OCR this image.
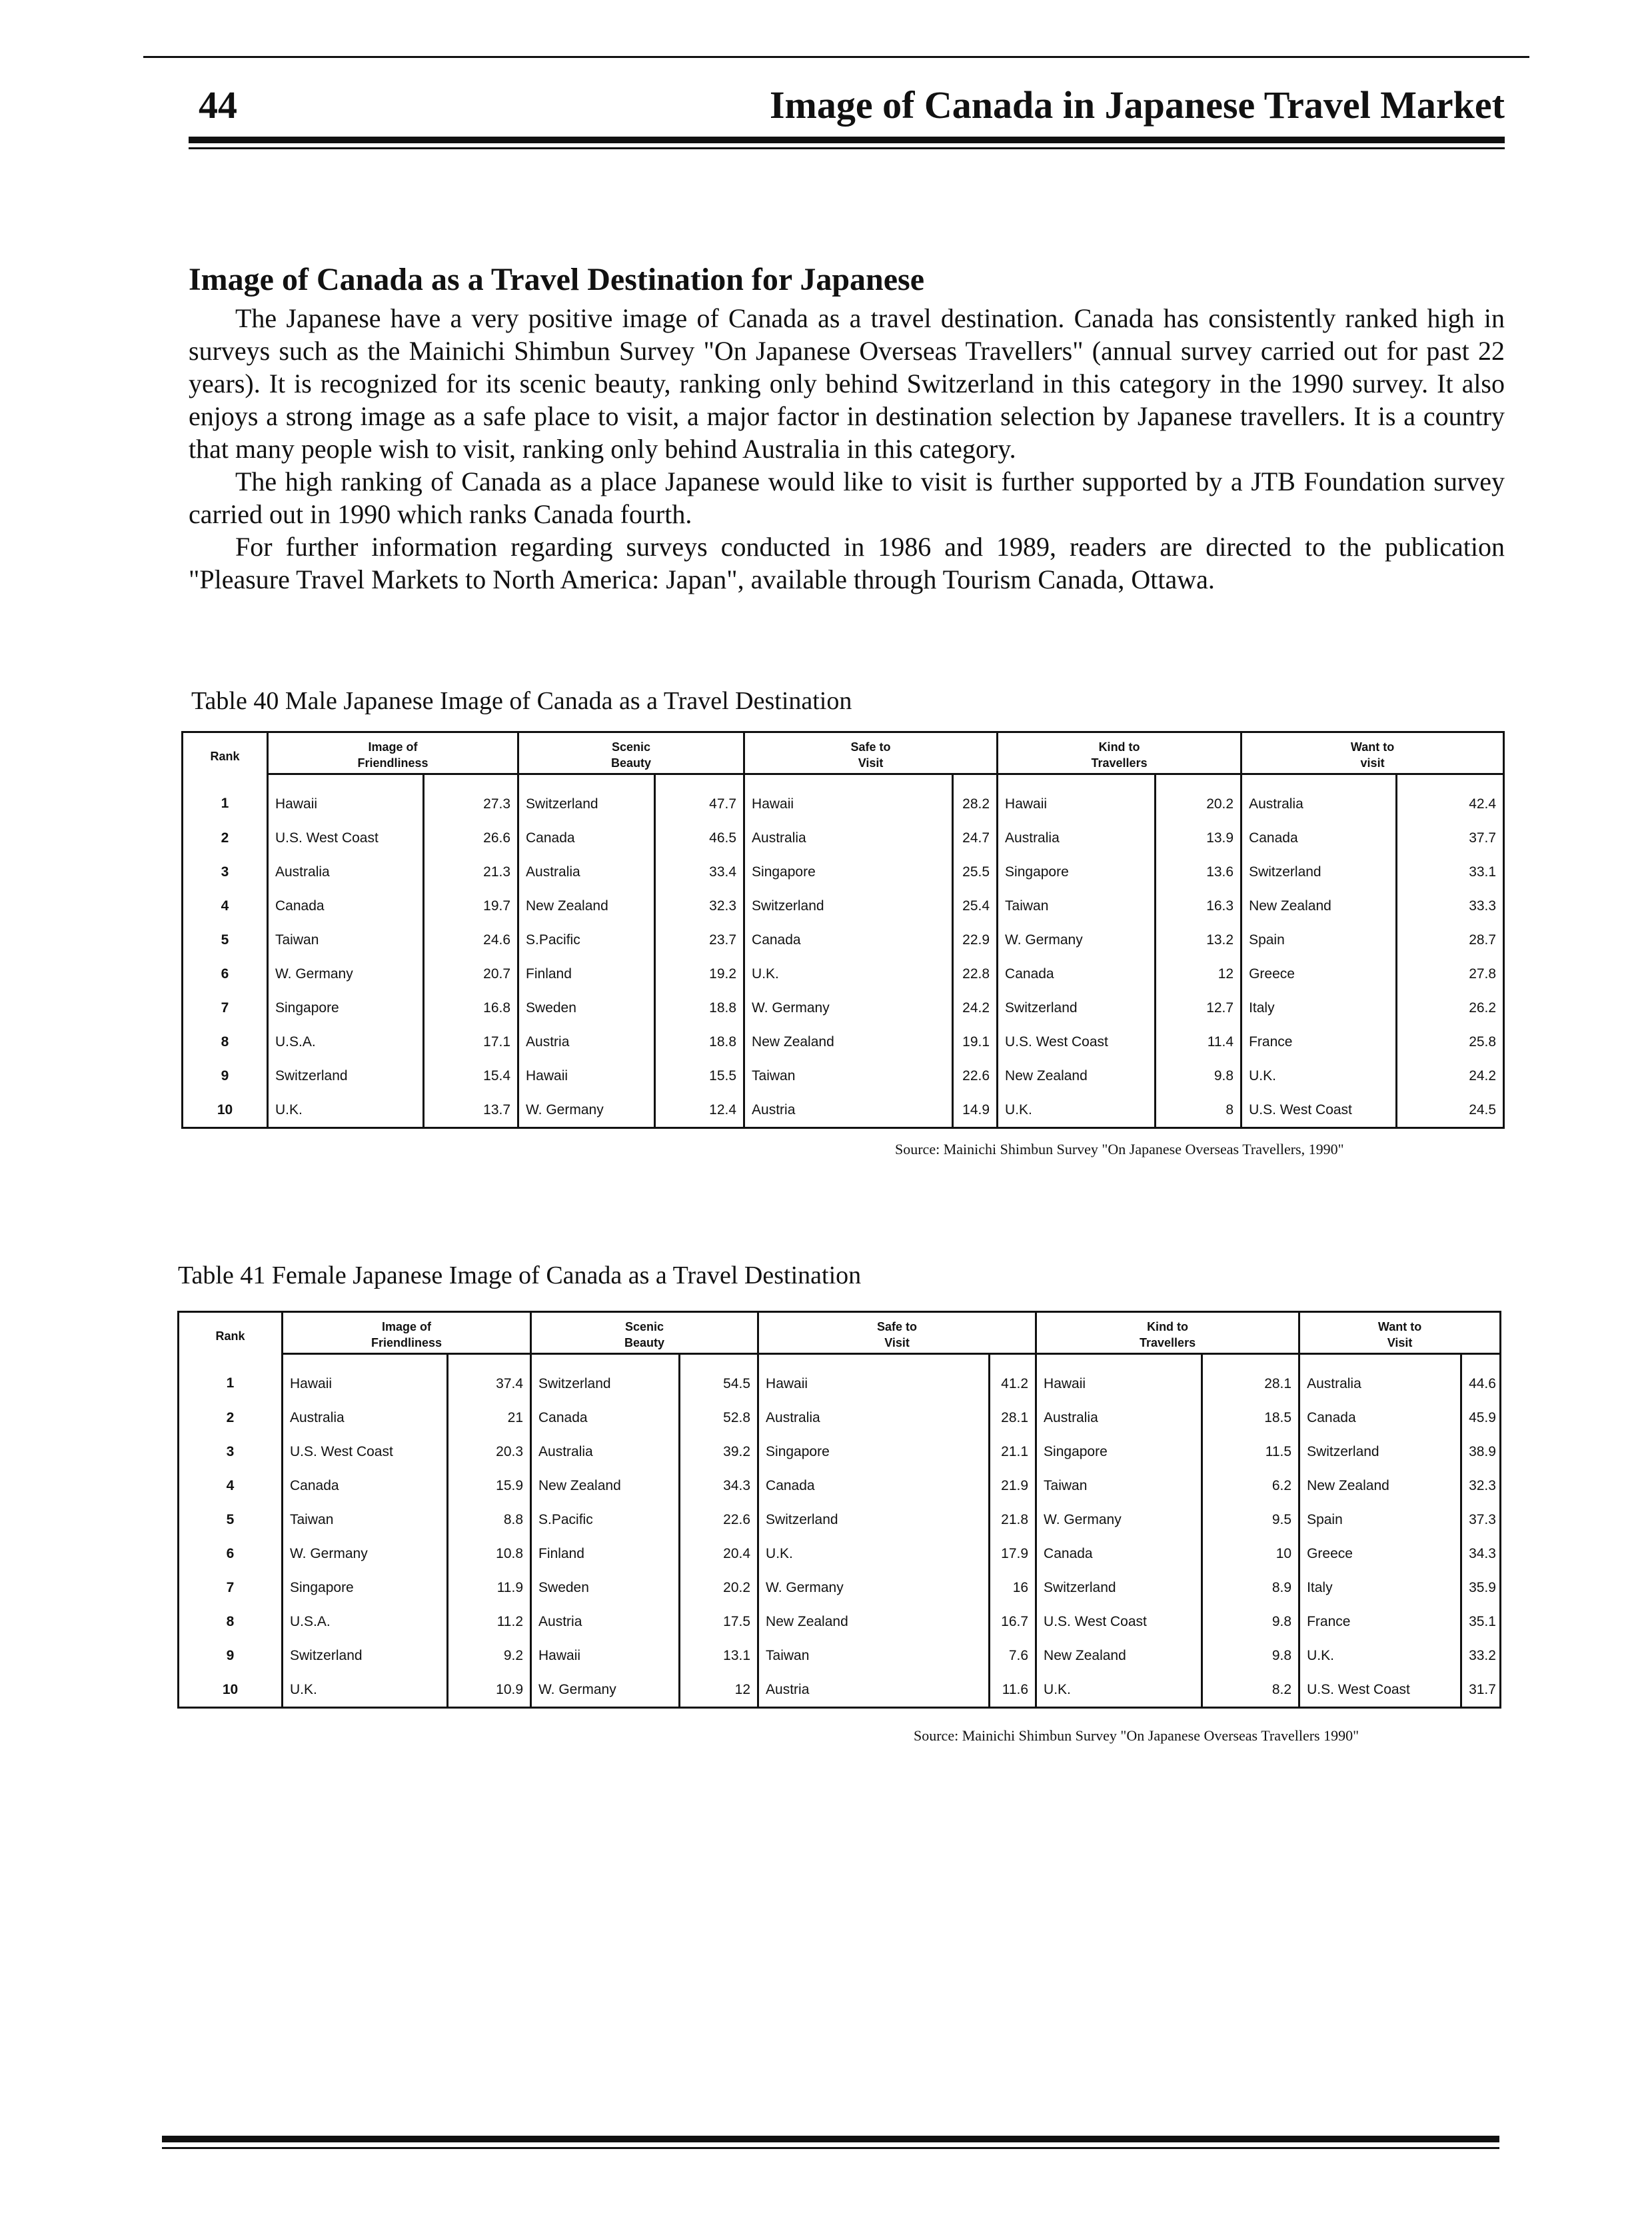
44	Image of Canada in Japanese Travel Market
Image of Canada as a Travel Destination for Japanese

The Japanese have a very positive image of Canada as a travel destination. Canada has consistently ranked high in surveys such as the Mainichi Shimbun Survey "On Japanese Overseas Travellers" (annual survey carried out for past 22 years). It is recognized for its scenic beauty, ranking only behind Switzerland in this category in the 1990 survey. It also enjoys a strong image as a safe place to visit, a major factor in destination selection by Japanese travellers. It is a country that many people wish to visit, ranking only behind Australia in this category.

The high ranking of Canada as a place Japanese would like to visit is further supported by a JTB Foundation survey carried out in 1990 which ranks Canada fourth.

For further information regarding surveys conducted in 1986 and 1989, readers are directed to the publication "Pleasure Travel Markets to North America: Japan", available through Tourism Canada, Ottawa.

Table 40 Male Japanese Image of Canada as a Travel Destination
Rank	Image of		Scenic		Safe to		Kind to		Want to	
	Friendliness		Beauty		Visit		Travellers		visit	
1	Hawaii	27.3	Switzerland	47.7	Hawaii	28.2	Hawaii	20.2	Australia	42.4
2	U.S. West Coast	26.6	Canada	46.5	Australia	24.7	Australia	13.9	Canada	37.7
3	Australia	21.3	Australia	33.4	Singapore	25.5	Singapore	13.6	Switzerland	33.1
4	Canada	19.7	New Zealand	32.3	Switzerland	25.4	Taiwan	16.3	New Zealand	33.3
5	Taiwan	24.6	S.Pacific	23.7	Canada	22.9	W. Germany	13.2	Spain	28.7
6	W. Germany	20.7	Finland	19.2	U.K.	22.8	Canada	12	Greece	27.8
7	Singapore	16.8	Sweden	18.8	W. Germany	24.2	Switzerland	12.7	Italy	26.2
8	U.S.A.	17.1	Austria	18.8	New Zealand	19.1	U.S. West Coast	11.4	France	25.8
9	Switzerland	15.4	Hawaii	15.5	Taiwan	22.6	New Zealand	9.8	U.K.	24.2
10	U.K.	13.7	W. Germany	12.4	Austria	14.9	U.K.	8	U.S. West Coast	24.5
Source: Mainichi Shimbun Survey "On Japanese Overseas Travellers, 1990"
Table 41 Female Japanese Image of Canada as a Travel Destination
Rank	Image of		Scenic		Safe to		Kind to		Want to	
	Friendliness		Beauty		Visit		Travellers		Visit	
1	Hawaii	37.4	Switzerland	54.5	Hawaii	41.2	Hawaii	28.1	Australia	44.6
2	Australia	21	Canada	52.8	Australia	28.1	Australia	18.5	Canada	45.9
3	U.S. West Coast	20.3	Australia	39.2	Singapore	21.1	Singapore	11.5	Switzerland	38.9
4	Canada	15.9	New Zealand	34.3	Canada	21.9	Taiwan	6.2	New Zealand	32.3
5	Taiwan	8.8	S.Pacific	22.6	Switzerland	21.8	W. Germany	9.5	Spain	37.3
6	W. Germany	10.8	Finland	20.4	U.K.	17.9	Canada	10	Greece	34.3
7	Singapore	11.9	Sweden	20.2	W. Germany	16	Switzerland	8.9	Italy	35.9
8	U.S.A.	11.2	Austria	17.5	New Zealand	16.7	U.S. West Coast	9.8	France	35.1
9	Switzerland	9.2	Hawaii	13.1	Taiwan	7.6	New Zealand	9.8	U.K.	33.2
10	U.K.	10.9	W. Germany	12	Austria	11.6	U.K.	8.2	U.S. West Coast	31.7
Source: Mainichi Shimbun Survey "On Japanese Overseas Travellers 1990"
